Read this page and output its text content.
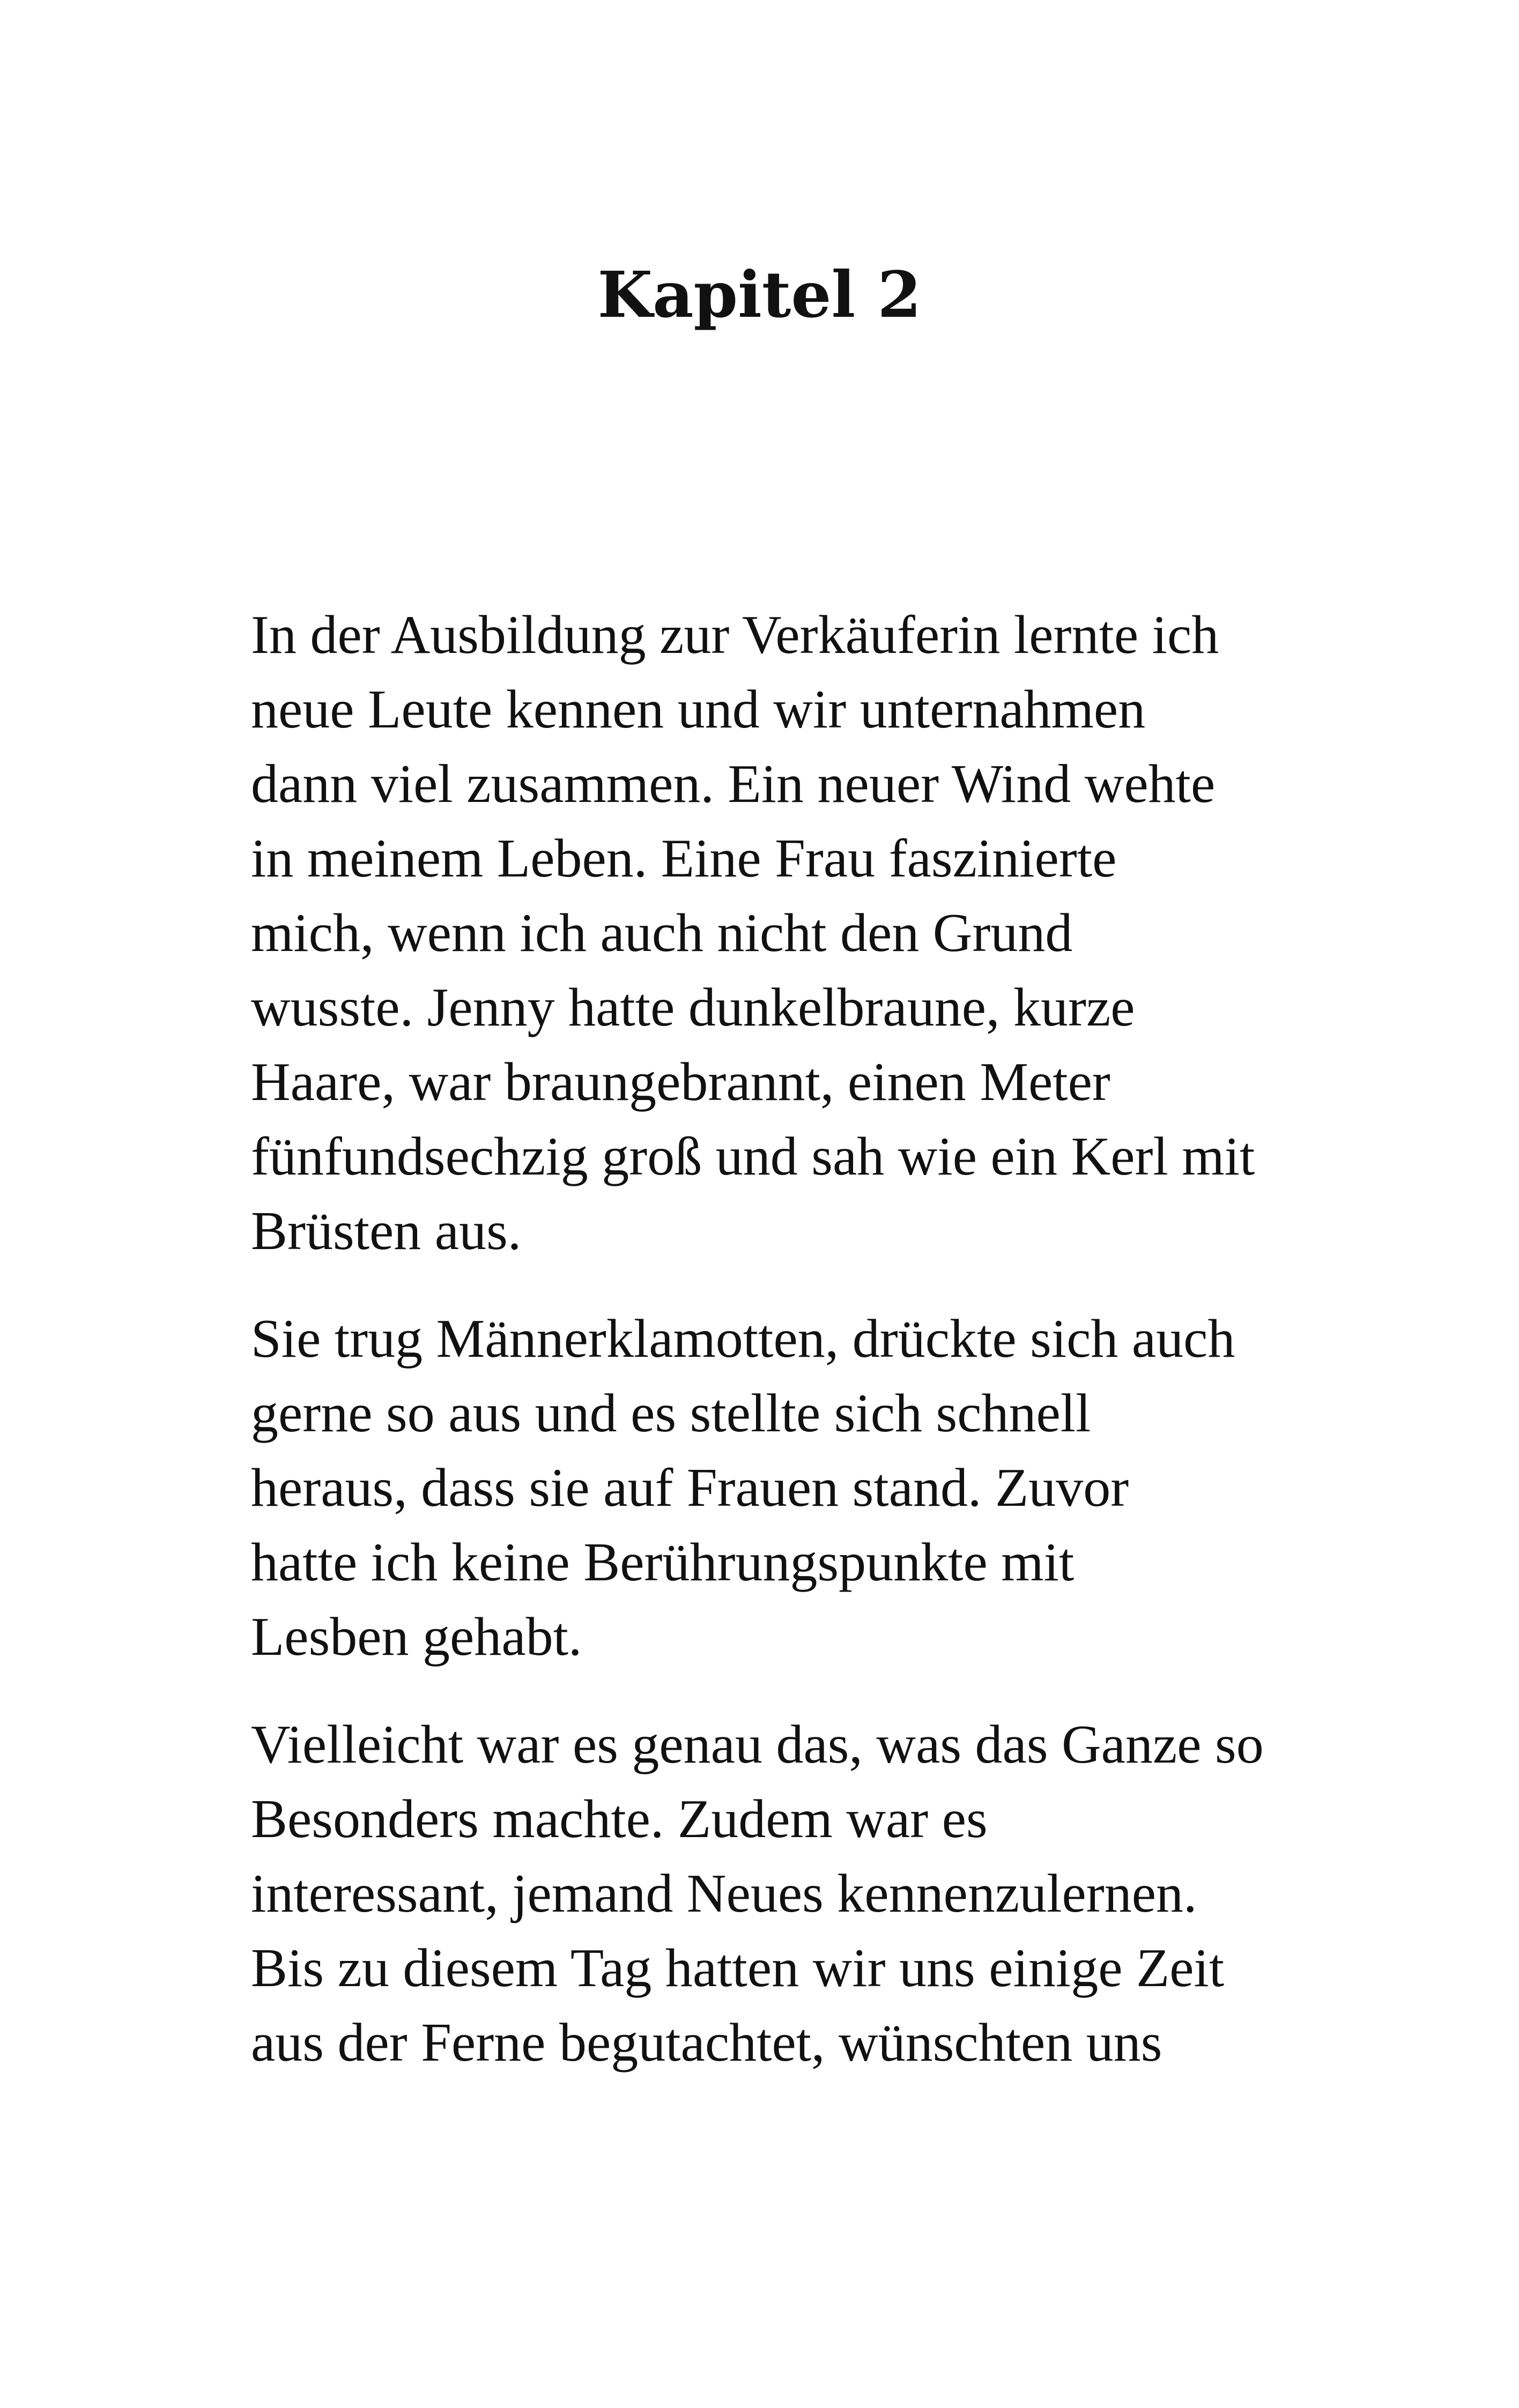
Kapitel 2

In der Ausbildung zur Verkäuferin lernte ich
neue Leute kennen und wir unternahmen
dann viel zusammen. Ein neuer Wind wehte
in meinem Leben. Eine Frau faszinierte
mich, wenn ich auch nicht den Grund
wusste. Jenny hatte dunkelbraune, kurze
Haare, war braungebrannt, einen Meter
fünfundsechzig groß und sah wie ein Kerl mit
Brüsten aus.

Sie trug Männerklamotten, drückte sich auch
gerne so aus und es stellte sich schnell
heraus, dass sie auf Frauen stand. Zuvor
hatte ich keine Berührungspunkte mit
Lesben gehabt.

Vielleicht war es genau das, was das Ganze so
Besonders machte. Zudem war es
interessant, jemand Neues kennenzulernen.
Bis zu diesem Tag hatten wir uns einige Zeit
aus der Ferne begutachtet, wünschten uns
